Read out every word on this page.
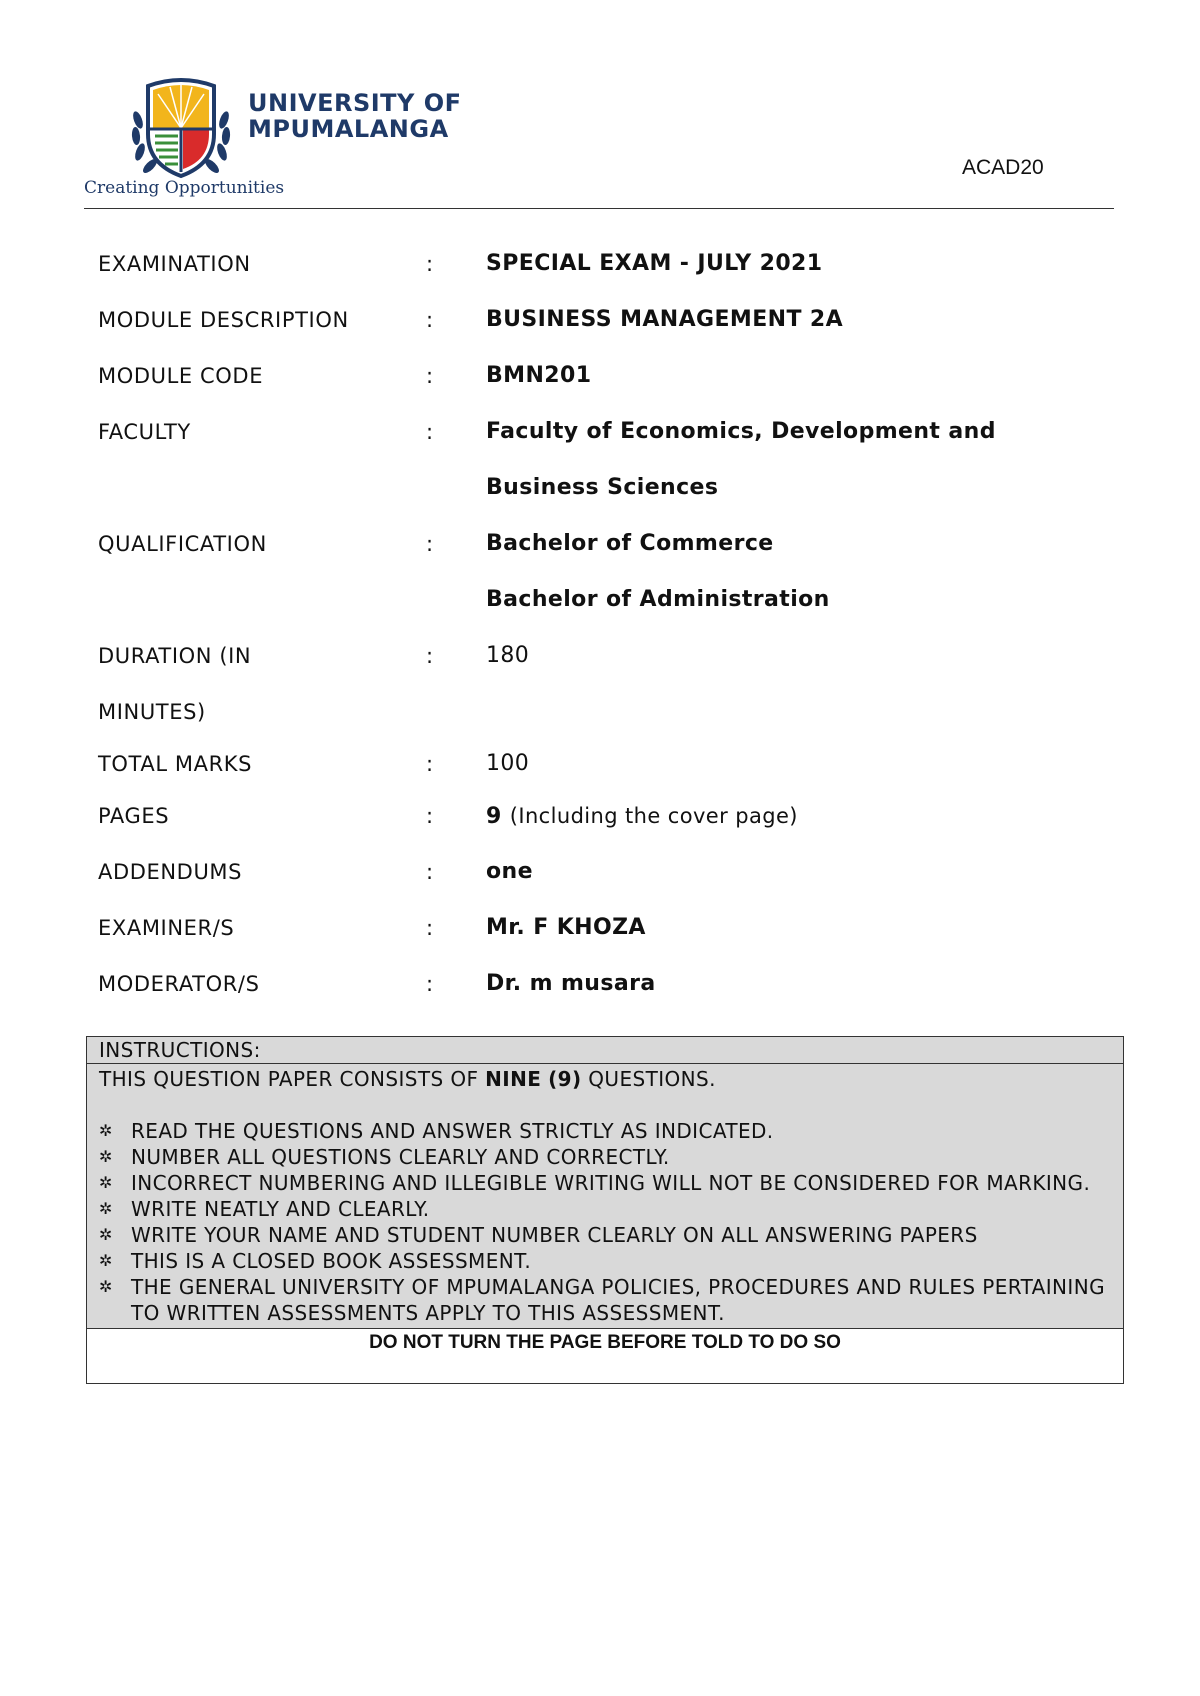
UNIVERSITY OF
MPUMALANGA
Creating Opportunities
ACAD20
EXAMINATION	: SPECIAL EXAM - JULY 2021
MODULE DESCRIPTION	: BUSINESS MANAGEMENT 2A
MODULE CODE	: BMN201
FACULTY	: Faculty of Economics, Development and
Business Sciences
QUALIFICATION	: Bachelor of Commerce
Bachelor of Administration
DURATION (IN	: 180
MINUTES)
TOTAL MARKS	: 100
PAGES	: 9 (Including the cover page)
ADDENDUMS	: one
EXAMINER/S	: Mr. F KHOZA
MODERATOR/S	: Dr. m musara
INSTRUCTIONS:
THIS QUESTION PAPER CONSISTS OF NINE (9) QUESTIONS.
✲ READ THE QUESTIONS AND ANSWER STRICTLY AS INDICATED.
✲ NUMBER ALL QUESTIONS CLEARLY AND CORRECTLY.
✲ INCORRECT NUMBERING AND ILLEGIBLE WRITING WILL NOT BE CONSIDERED FOR MARKING.
✲ WRITE NEATLY AND CLEARLY.
✲ WRITE YOUR NAME AND STUDENT NUMBER CLEARLY ON ALL ANSWERING PAPERS
✲ THIS IS A CLOSED BOOK ASSESSMENT.
✲ THE GENERAL UNIVERSITY OF MPUMALANGA POLICIES, PROCEDURES AND RULES PERTAINING TO WRITTEN ASSESSMENTS APPLY TO THIS ASSESSMENT.
DO NOT TURN THE PAGE BEFORE TOLD TO DO SO
